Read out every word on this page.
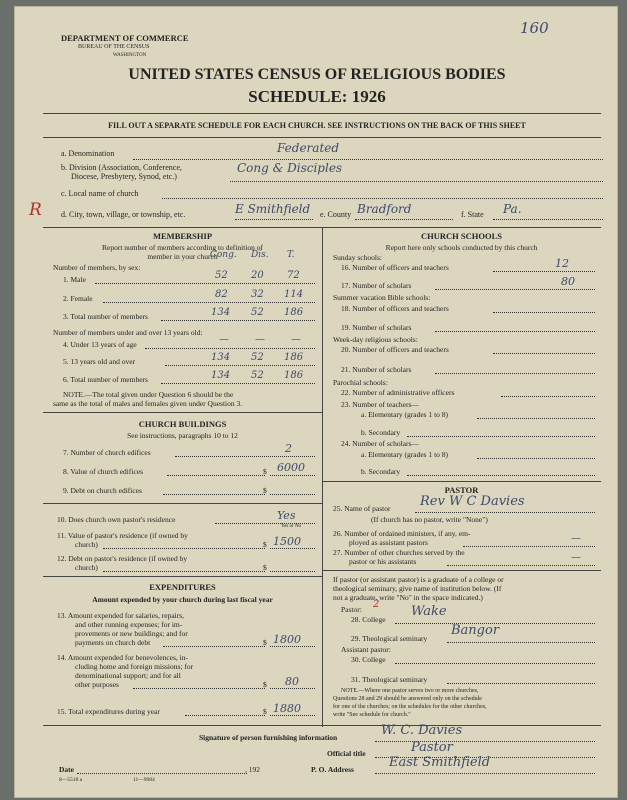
160
DEPARTMENT OF COMMERCE
BUREAU OF THE CENSUS
WASHINGTON
UNITED STATES CENSUS OF RELIGIOUS BODIES
SCHEDULE: 1926
FILL OUT A SEPARATE SCHEDULE FOR EACH CHURCH. SEE INSTRUCTIONS ON THE BACK OF THIS SHEET
a. Denomination	Federated
b. Division (Association, Conference,
Diocese, Presbytery, Synod, etc.)
Cong & Disciples
c. Local name of church
R d. City, town, village, or township, etc.	E Smithfield e. County Bradford	f. State Pa.
MEMBERSHIP
Report number of members according to definition of
member in your church
Cong. Dis. T.
Number of members, by sex:
1. Male	52 20 72
2. Female	82 32 114
3. Total number of members	134 52 186
Number of members under and over 13 years old:
4. Under 13 years of age	—	—	—
5. 13 years old and over	134 52 186
6. Total number of members	134 52 186
NOTE.—The total given under Question 6 should be the
same as the total of males and females given under Question 3.
CHURCH BUILDINGS
See instructions, paragraphs 10 to 12
7. Number of church edifices	2
8. Value of church edifices	$ 6000
9. Debt on church edifices	$
10. Does church own pastor's residence	Yes
Yes or No
11. Value of pastor's residence (if owned by
church)	$ 1500
12. Debt on pastor's residence (if owned by
church)	$
EXPENDITURES
Amount expended by your church during last fiscal year
13. Amount expended for salaries, repairs,
and other running expenses; for im-
provements or new buildings; and for
payments on church debt	$ 1800
14. Amount expended for benevolences, in-
cluding home and foreign missions; for
denominational support; and for all
other purposes	$ 80
15. Total expenditures during year	$ 1880
CHURCH SCHOOLS
Report here only schools conducted by this church
Sunday schools:
16. Number of officers and teachers	12
17. Number of scholars	80
Summer vacation Bible schools:
18. Number of officers and teachers
19. Number of scholars
Week-day religious schools:
20. Number of officers and teachers
21. Number of scholars
Parochial schools:
22. Number of administrative officers
23. Number of teachers—
a. Elementary (grades 1 to 8)
b. Secondary
24. Number of scholars—
a. Elementary (grades 1 to 8)
b. Secondary
PASTOR
25. Name of pastor Rev W C Davies
(If church has no pastor, write "None")
26. Number of ordained ministers, if any, em-
ployed as assistant pastors	—
27. Number of other churches served by the
pastor or his assistants	—
If pastor (or assistant pastor) is a graduate of a college or
theological seminary, give name of institution below. (If
not a graduate, write "No" in the space indicated.)
Pastor: 2
28. College
Wake
29. Theological seminary
Bangor
Assistant pastor:
30. College
31. Theological seminary
NOTE.—Where one pastor serves two or more churches,
Questions 28 and 29 should be answered only on the schedule
for one of the churches; on the schedules for the other churches,
write "See schedule for church."
Signature of person furnishing information	W. C. Davies
Official title	Pastor
Date	, 192	P. O. Address	East Smithfield
8—5518 a	11—9084
